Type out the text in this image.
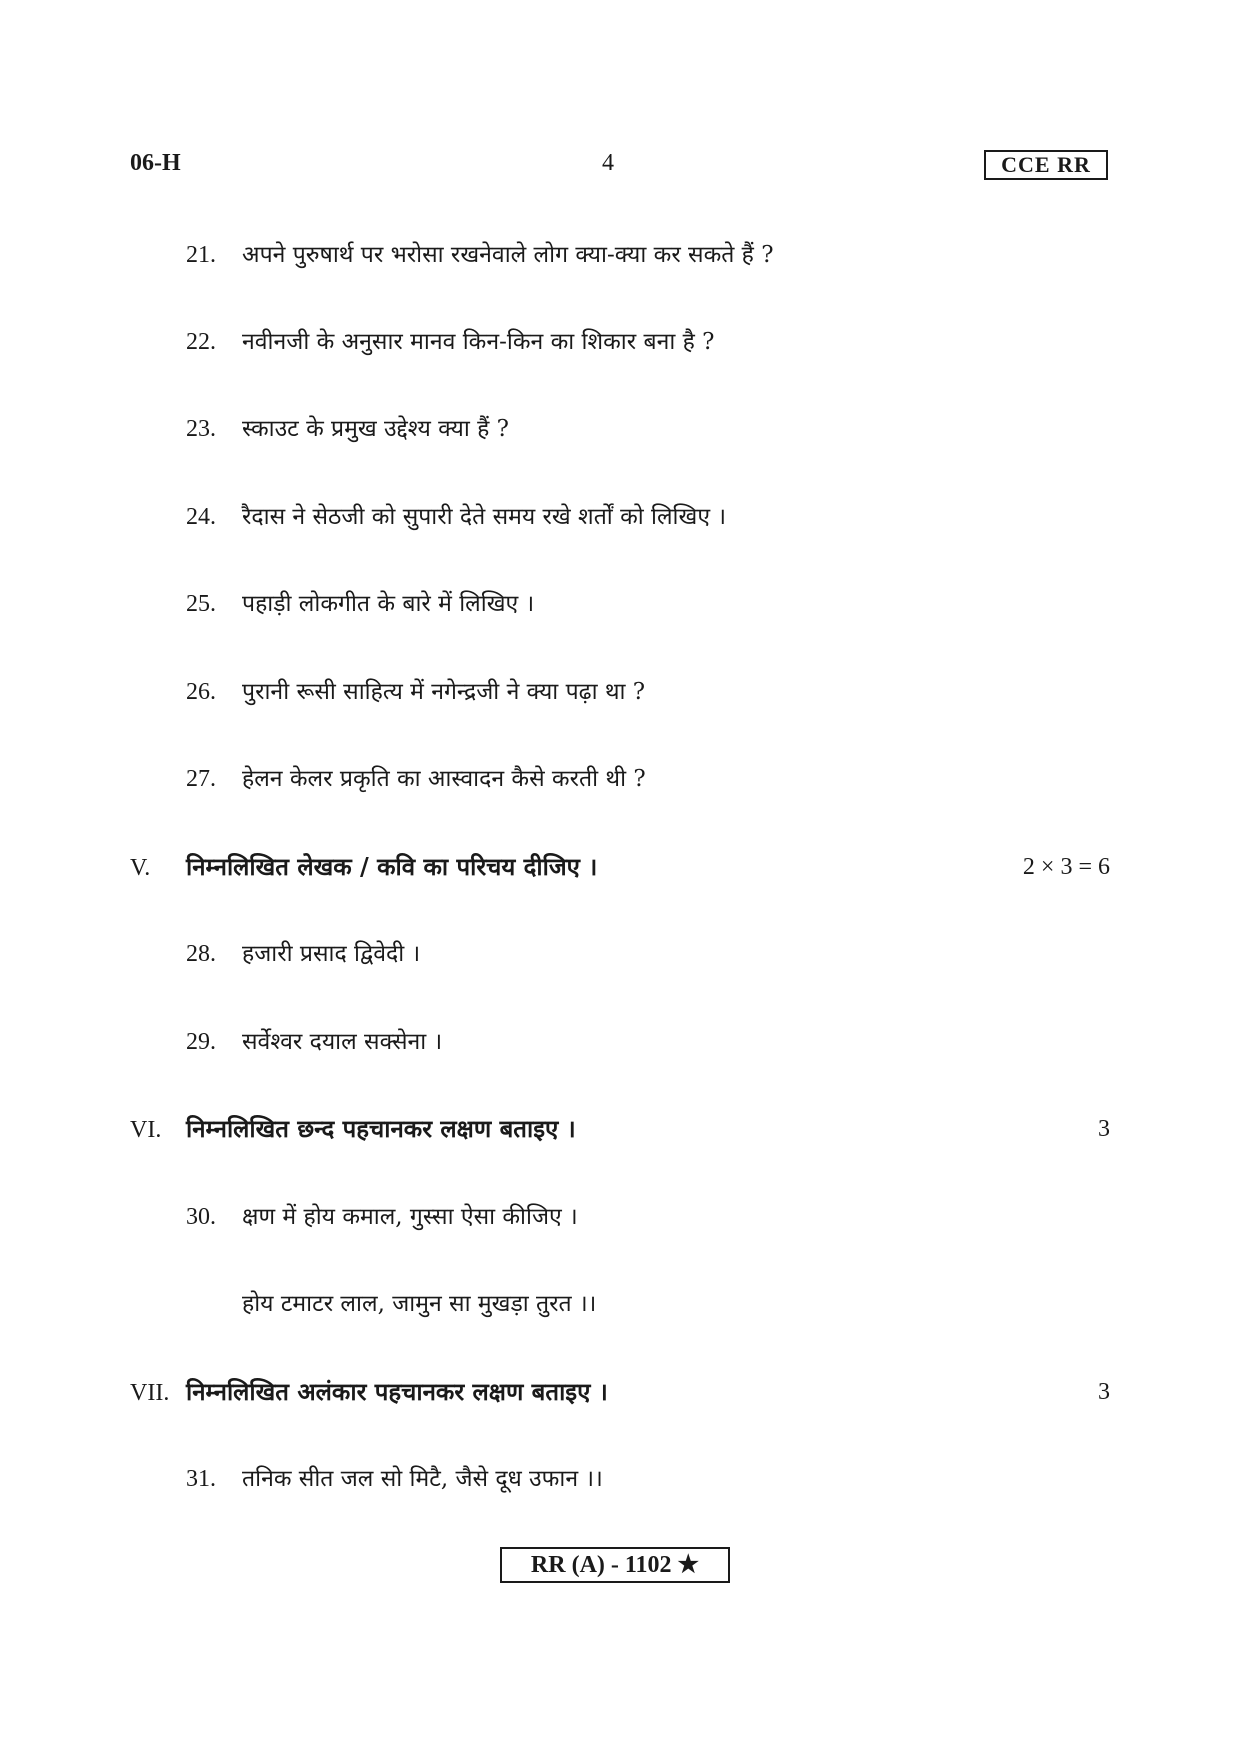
06-H	4	CCE RR
21. अपने पुरुषार्थ पर भरोसा रखनेवाले लोग क्या-क्या कर सकते हैं ?
22. नवीनजी के अनुसार मानव किन-किन का शिकार बना है ?
23. स्काउट के प्रमुख उद्देश्य क्या हैं ?
24. रैदास ने सेठजी को सुपारी देते समय रखे शर्तों को लिखिए ।
25. पहाड़ी लोकगीत के बारे में लिखिए ।
26. पुरानी रूसी साहित्य में नगेन्द्रजी ने क्या पढ़ा था ?
27. हेलन केलर प्रकृति का आस्वादन कैसे करती थी ?
V. निम्नलिखित लेखक / कवि का परिचय दीजिए ।	2 × 3 = 6
28. हजारी प्रसाद द्विवेदी ।
29. सर्वेश्वर दयाल सक्सेना ।
VI. निम्नलिखित छन्द पहचानकर लक्षण बताइए ।	3
30. क्षण में होय कमाल, गुस्सा ऐसा कीजिए ।
होय टमाटर लाल, जामुन सा मुखड़ा तुरत ।।
VII. निम्नलिखित अलंकार पहचानकर लक्षण बताइए ।	3
31. तनिक सीत जल सो मिटै, जैसे दूध उफान ।।
RR (A) - 1102 ★
